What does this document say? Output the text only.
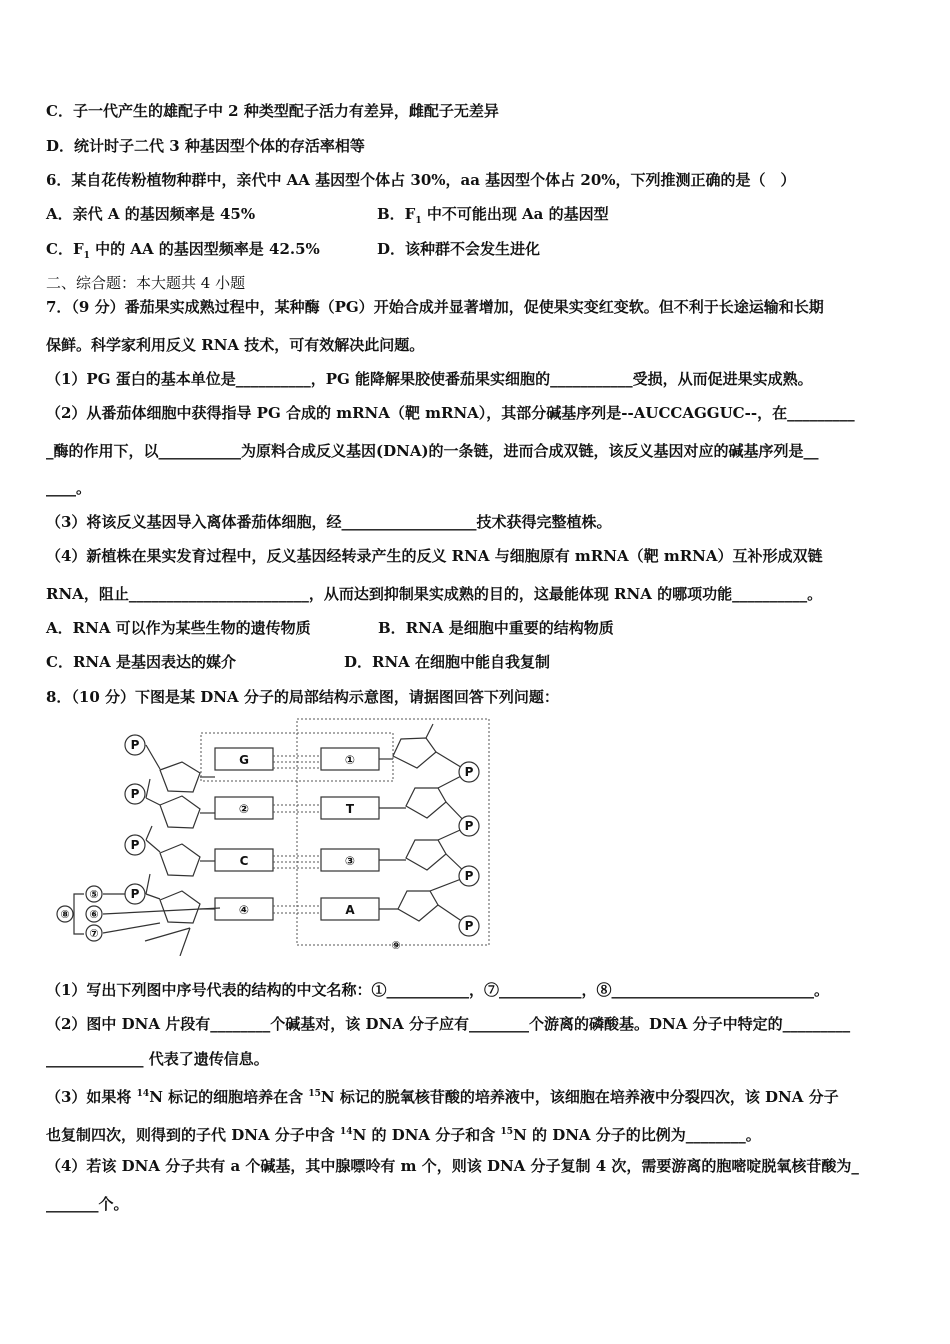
C．子一代产生的雄配子中 2 种类型配子活力有差异，雌配子无差异
D．统计时子二代 3 种基因型个体的存活率相等
6．某自花传粉植物种群中，亲代中 AA 基因型个体占 30%，aa 基因型个体占 20%，下列推测正确的是（　）
A．亲代 A 的基因频率是 45%	B．$F_1$ 中不可能出现 Aa 的基因型
C．$F_1$ 中的 AA 的基因型频率是 42.5%	D．该种群不会发生进化
二、综合题：本大题共 4 小题
7．（9 分）番茄果实成熟过程中，某种酶（PG）开始合成并显著增加，促使果实变红变软。但不利于长途运输和长期
保鲜。科学家利用反义 RNA 技术，可有效解决此问题。
（1）PG 蛋白的基本单位是__________，PG 能降解果胶使番茄果实细胞的___________受损，从而促进果实成熟。
（2）从番茄体细胞中获得指导 PG 合成的 mRNA（靶 mRNA），其部分碱基序列是--AUCCAGGUC--，在_________
_酶的作用下，以___________为原料合成反义基因(DNA)的一条链，进而合成双链，该反义基因对应的碱基序列是__
____。
（3）将该反义基因导入离体番茄体细胞，经__________________技术获得完整植株。
（4）新植株在果实发育过程中，反义基因经转录产生的反义 RNA 与细胞原有 mRNA（靶 mRNA）互补形成双链
RNA，阻止________________________，从而达到抑制果实成熟的目的，这最能体现 RNA 的哪项功能__________。
A．RNA 可以作为某些生物的遗传物质	B．RNA 是细胞中重要的结构物质
C．RNA 是基因表达的媒介	D．RNA 在细胞中能自我复制
8．（10 分）下图是某 DNA 分子的局部结构示意图，请据图回答下列问题：
P
P
P
P
P
P
P
P
G
②
C
④
①
T
③
A
⑤
⑥
⑦
⑧
⑨
（1）写出下列图中序号代表的结构的中文名称：①___________，⑦___________，⑧___________________________。
（2）图中 DNA 片段有________个碱基对，该 DNA 分子应有________个游离的磷酸基。DNA 分子中特定的_________
_____________ 代表了遗传信息。
（3）如果将 $^{14}$N 标记的细胞培养在含 $^{15}$N 标记的脱氧核苷酸的培养液中，该细胞在培养液中分裂四次，该 DNA 分子
也复制四次，则得到的子代 DNA 分子中含 $^{14}$N 的 DNA 分子和含 $^{15}$N 的 DNA 分子的比例为________。
（4）若该 DNA 分子共有 a 个碱基，其中腺嘌呤有 m 个，则该 DNA 分子复制 4 次，需要游离的胞嘧啶脱氧核苷酸为_
_______个。
